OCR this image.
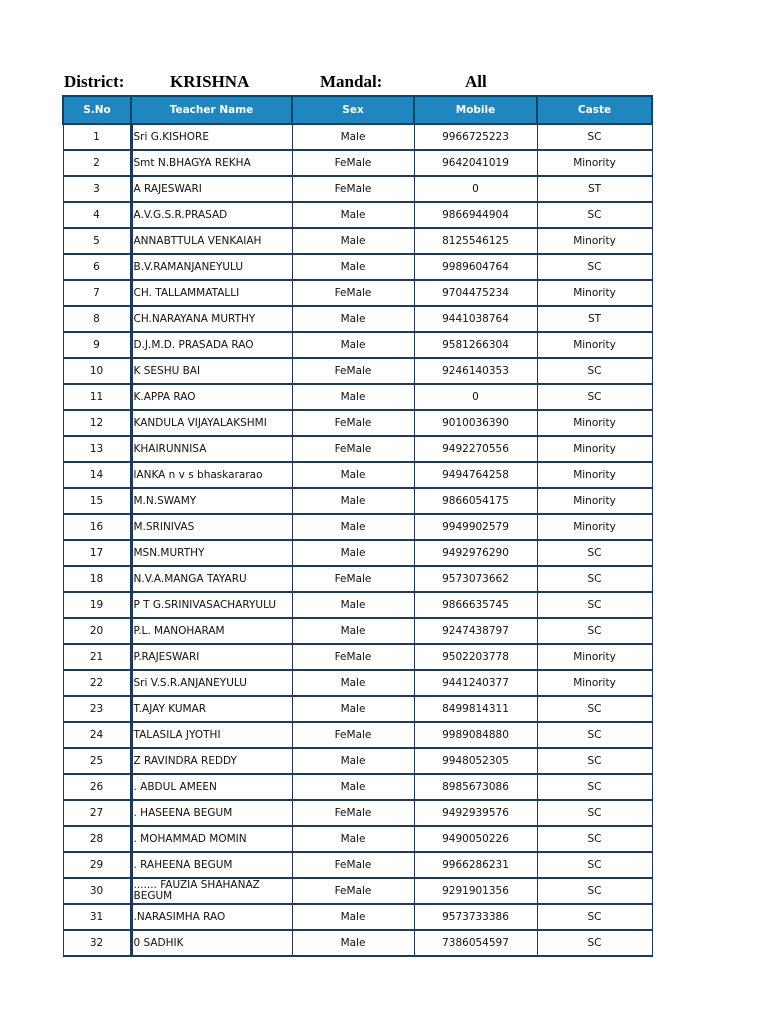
District:	KRISHNA	Mandal:	All
S.No	Teacher Name	Sex	Mobile	Caste
1	Sri G.KISHORE	Male	9966725223	SC
2	Smt N.BHAGYA REKHA	FeMale	9642041019	Minority
3	A RAJESWARI	FeMale	0	ST
4	A.V.G.S.R.PRASAD	Male	9866944904	SC
5	ANNABTTULA VENKAIAH	Male	8125546125	Minority
6	B.V.RAMANJANEYULU	Male	9989604764	SC
7	CH. TALLAMMATALLI	FeMale	9704475234	Minority
8	CH.NARAYANA MURTHY	Male	9441038764	ST
9	D.J.M.D. PRASADA RAO	Male	9581266304	Minority
10	K SESHU BAI	FeMale	9246140353	SC
11	K.APPA RAO	Male	0	SC
12	KANDULA VIJAYALAKSHMI	FeMale	9010036390	Minority
13	KHAIRUNNISA	FeMale	9492270556	Minority
14	lANKA n v s bhaskararao	Male	9494764258	Minority
15	M.N.SWAMY	Male	9866054175	Minority
16	M.SRINIVAS	Male	9949902579	Minority
17	MSN.MURTHY	Male	9492976290	SC
18	N.V.A.MANGA TAYARU	FeMale	9573073662	SC
19	P T G.SRINIVASACHARYULU	Male	9866635745	SC
20	P.L. MANOHARAM	Male	9247438797	SC
21	P.RAJESWARI	FeMale	9502203778	Minority
22	Sri V.S.R.ANJANEYULU	Male	9441240377	Minority
23	T.AJAY KUMAR	Male	8499814311	SC
24	TALASILA JYOTHI	FeMale	9989084880	SC
25	Z RAVINDRA REDDY	Male	9948052305	SC
26	. ABDUL AMEEN	Male	8985673086	SC
27	. HASEENA BEGUM	FeMale	9492939576	SC
28	. MOHAMMAD MOMIN	Male	9490050226	SC
29	. RAHEENA BEGUM	FeMale	9966286231	SC
30	....... FAUZIA SHAHANAZ BEGUM	FeMale	9291901356	SC
31	.NARASIMHA RAO	Male	9573733386	SC
32	0 SADHIK	Male	7386054597	SC
